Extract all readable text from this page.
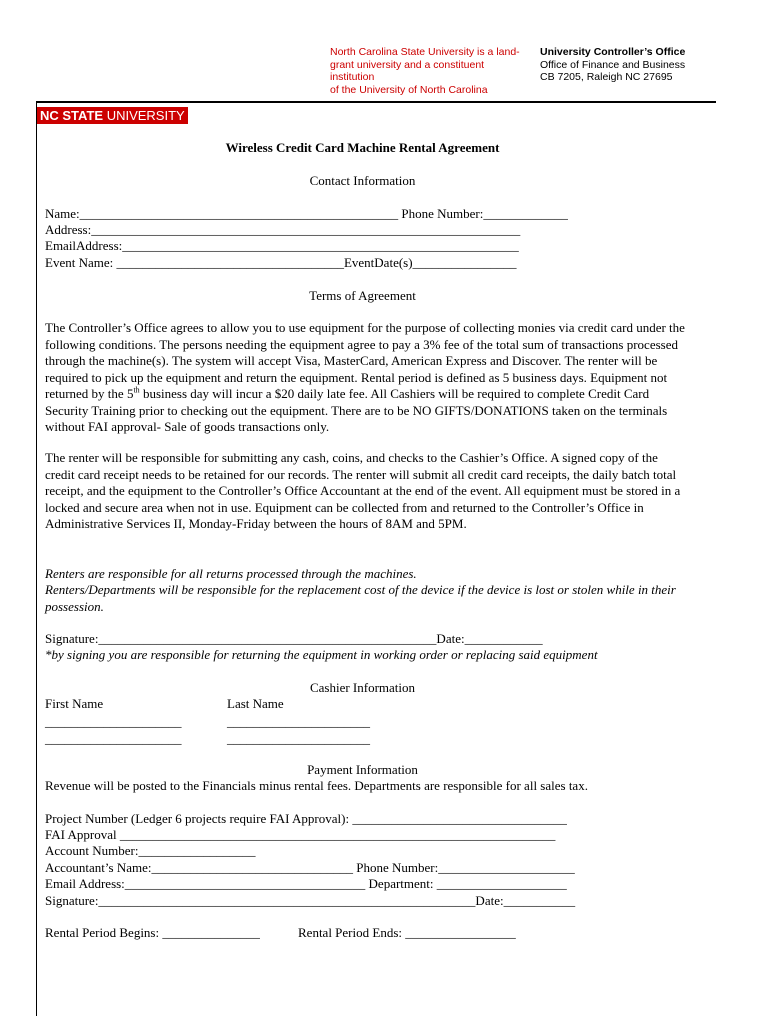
North Carolina State University is a land-
grant university and a constituent institution
of the University of North Carolina
University Controller’s Office
Office of Finance and Business
CB 7205, Raleigh NC 27695
NC STATE UNIVERSITY
Wireless Credit Card Machine Rental Agreement
Contact Information
Name:_________________________________________________ Phone Number:_____________
Address:__________________________________________________________________
EmailAddress:_____________________________________________________________
Event Name: ___________________________________EventDate(s)________________
Terms of Agreement
The Controller’s Office agrees to allow you to use equipment for the purpose of collecting monies via credit card under the following conditions. The persons needing the equipment agree to pay a 3% fee of the total sum of transactions processed through the machine(s). The system will accept Visa, MasterCard, American Express and Discover. The renter will be required to pick up the equipment and return the equipment. Rental period is defined as 5 business days. Equipment not returned by the 5th business day will incur a $20 daily late fee. All Cashiers will be required to complete Credit Card Security Training prior to checking out the equipment. There are to be NO GIFTS/DONATIONS taken on the terminals without FAI approval- Sale of goods transactions only.
The renter will be responsible for submitting any cash, coins, and checks to the Cashier’s Office. A signed copy of the credit card receipt needs to be retained for our records. The renter will submit all credit card receipts, the daily batch total receipt, and the equipment to the Controller’s Office Accountant at the end of the event. All equipment must be stored in a locked and secure area when not in use. Equipment can be collected from and returned to the Controller’s Office in Administrative Services II, Monday-Friday between the hours of 8AM and 5PM.
Renters are responsible for all returns processed through the machines.
Renters/Departments will be responsible for the replacement cost of the device if the device is lost or stolen while in their possession.
Signature:____________________________________________________Date:____________
*by signing you are responsible for returning the equipment in working order or replacing said equipment
Cashier Information
First Name	Last Name
_____________________	______________________
_____________________	______________________
Payment Information
Revenue will be posted to the Financials minus rental fees. Departments are responsible for all sales tax.
Project Number (Ledger 6 projects require FAI Approval): _________________________________
FAI Approval ___________________________________________________________________
Account Number:__________________
Accountant’s Name:_______________________________ Phone Number:_____________________
Email Address:_____________________________________ Department: ____________________
Signature:__________________________________________________________Date:___________
Rental Period Begins: _______________	Rental Period Ends: _________________
